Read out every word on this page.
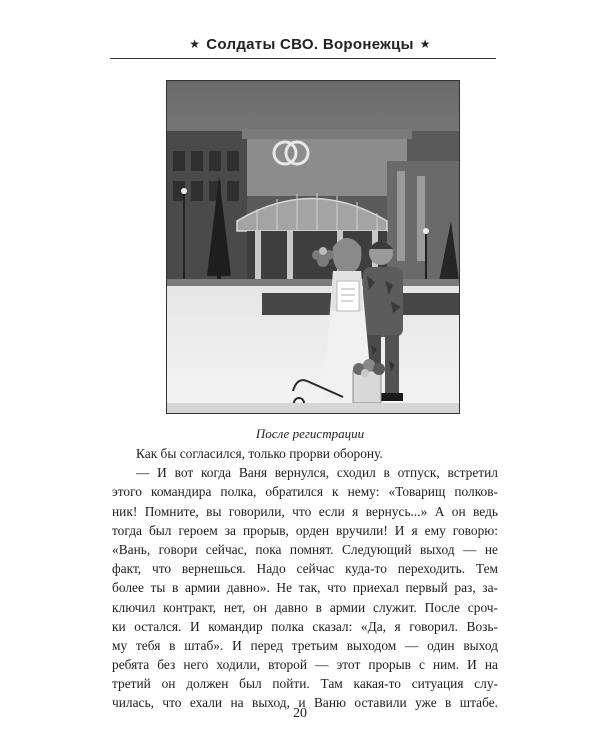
★ Солдаты СВО. Воронежцы ★
После регистрации
Как бы согласился, только прорви оборону.
— И вот когда Ваня вернулся, сходил в отпуск, встретил
этого командира полка, обратился к нему: «Товарищ полков-
ник! Помните, вы говорили, что если я вернусь...» А он ведь
тогда был героем за прорыв, орден вручили! И я ему говорю:
«Вань, говори сейчас, пока помнят. Следующий выход — не
факт, что вернешься. Надо сейчас куда-то переходить. Тем
более ты в армии давно». Не так, что приехал первый раз, за-
ключил контракт, нет, он давно в армии служит. После сроч-
ки остался. И командир полка сказал: «Да, я говорил. Возь-
му тебя в штаб». И перед третьим выходом — один выход
ребята без него ходили, второй — этот прорыв с ним. И на
третий он должен был пойти. Там какая-то ситуация слу-
чилась, что ехали на выход, и Ваню оставили уже в штабе.
20
